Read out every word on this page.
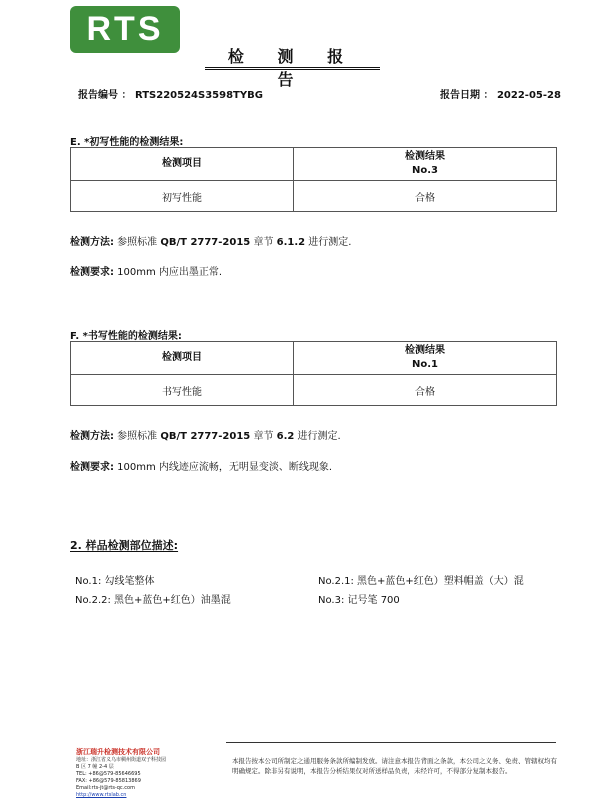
RTS
检 测 报 告
报告编号 ： RTS220524S3598TYBG	报告日期 ： 2022-05-28
E. *初写性能的检测结果:
检测项目	检测结果
No.3
初写性能	合格
检测方法: 参照标准 QB/T 2777-2015 章节 6.1.2 进行测定.
检测要求: 100mm 内应出墨正常.
F. *书写性能的检测结果:
检测项目	检测结果
No.1
书写性能	合格
检测方法: 参照标准 QB/T 2777-2015 章节 6.2 进行测定.
检测要求: 100mm 内线迹应流畅，无明显变淡、断线现象.
2. 样品检测部位描述:
No.1: 勾线笔整体	No.2.1: 黑色+蓝色+红色）塑料帽盖（大）混
No.2.2: 黑色+蓝色+红色）油墨混	No.3: 记号笔 700
浙江瑞升检测技术有限公司
地址：浙江省义乌市稠州街道双子科技园
B 区 7 幢 2-4 层
TEL: +86@579-85646695
FAX: +86@579-85813869
Email:rts-jt@rts-qc.com
http://www.rtslab.cn
本报告按本公司所制定之通用服务条款所编制发放。请注意本报告背面之条款，本公司之义务、免责、管辖权均有明确规定。除非另有说明，本报告分析结果仅对所送样品负责，未经许可，不得部分复制本报告。
